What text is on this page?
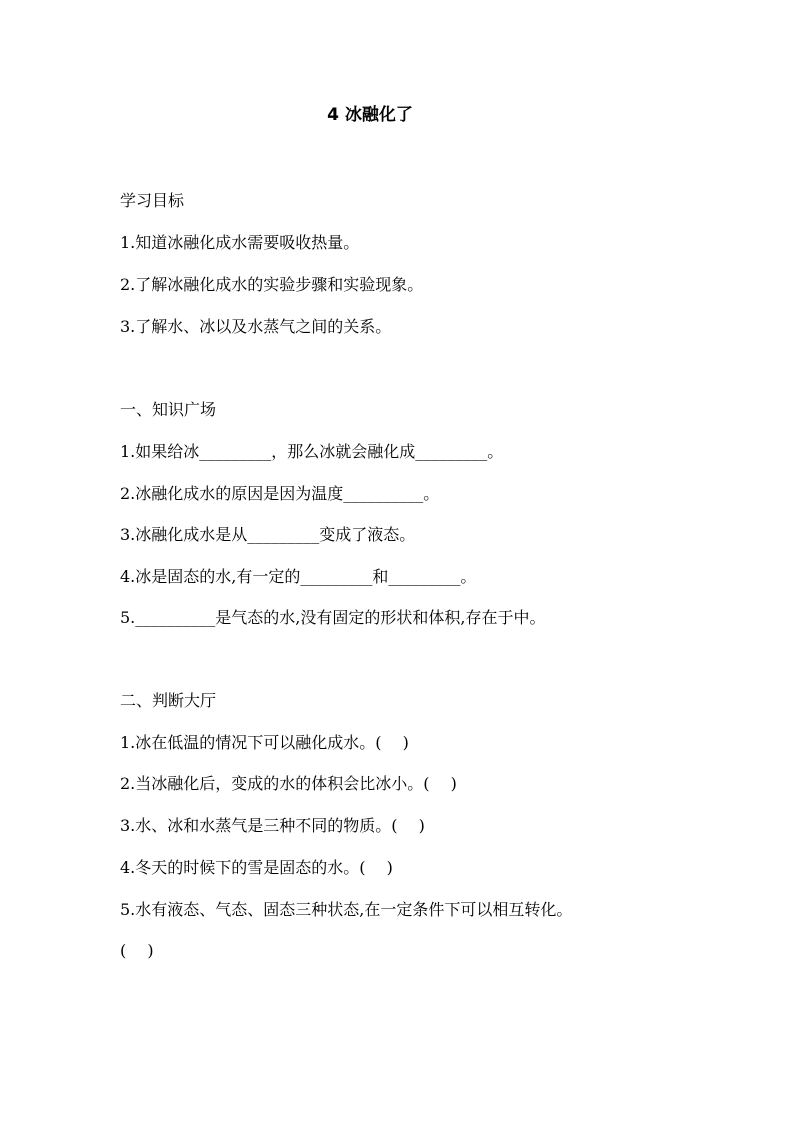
4 冰融化了

学习目标

1.知道冰融化成水需要吸收热量。

2.了解冰融化成水的实验步骤和实验现象。

3.了解水、冰以及水蒸气之间的关系。

一、知识广场

1.如果给冰_________，那么冰就会融化成_________。

2.冰融化成水的原因是因为温度__________。

3.冰融化成水是从_________变成了液态。

4.冰是固态的水,有一定的_________和_________。

5.__________是气态的水,没有固定的形状和体积,存在于中。

二、判断大厅

1.冰在低温的情况下可以融化成水。(　 )

2.当冰融化后，变成的水的体积会比冰小。(　 )

3.水、冰和水蒸气是三种不同的物质。(　 )

4.冬天的时候下的雪是固态的水。(　 )

5.水有液态、气态、固态三种状态,在一定条件下可以相互转化。

(　 )
